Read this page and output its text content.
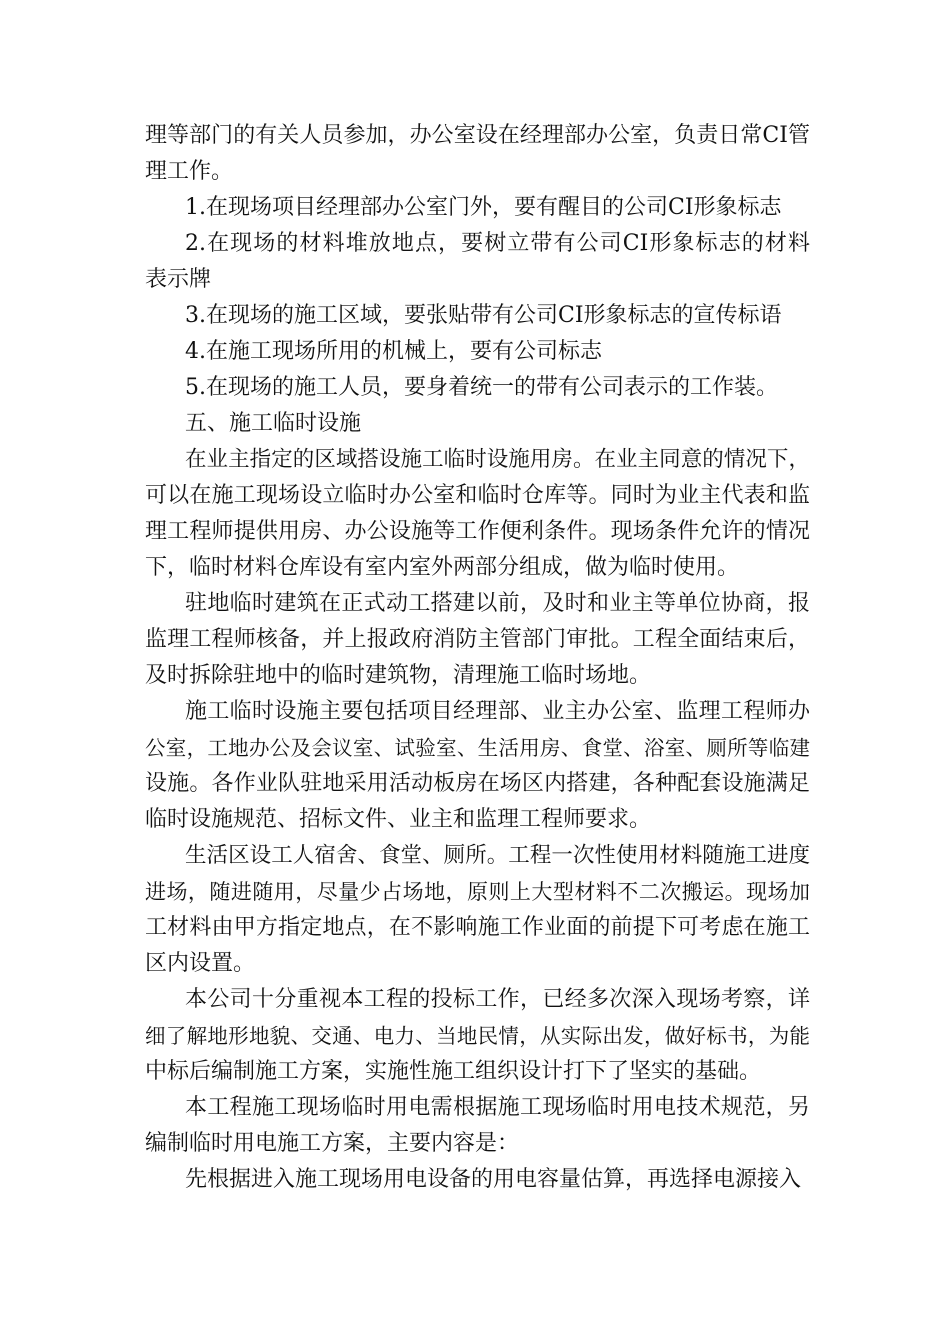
理等部门的有关人员参加，办公室设在经理部办公室，负责日常CI管
理工作。
1.在现场项目经理部办公室门外，要有醒目的公司CI形象标志
2.在现场的材料堆放地点，要树立带有公司CI形象标志的材料
表示牌
3.在现场的施工区域，要张贴带有公司CI形象标志的宣传标语
4.在施工现场所用的机械上，要有公司标志
5.在现场的施工人员，要身着统一的带有公司表示的工作装。
五、施工临时设施
在业主指定的区域搭设施工临时设施用房。在业主同意的情况下，
可以在施工现场设立临时办公室和临时仓库等。同时为业主代表和监
理工程师提供用房、办公设施等工作便利条件。现场条件允许的情况
下，临时材料仓库设有室内室外两部分组成，做为临时使用。
驻地临时建筑在正式动工搭建以前，及时和业主等单位协商，报
监理工程师核备，并上报政府消防主管部门审批。工程全面结束后，
及时拆除驻地中的临时建筑物，清理施工临时场地。
施工临时设施主要包括项目经理部、业主办公室、监理工程师办
公室，工地办公及会议室、试验室、生活用房、食堂、浴室、厕所等临建
设施。各作业队驻地采用活动板房在场区内搭建，各种配套设施满足
临时设施规范、招标文件、业主和监理工程师要求。
生活区设工人宿舍、食堂、厕所。工程一次性使用材料随施工进度
进场，随进随用，尽量少占场地，原则上大型材料不二次搬运。现场加
工材料由甲方指定地点，在不影响施工作业面的前提下可考虑在施工
区内设置。
本公司十分重视本工程的投标工作，已经多次深入现场考察，详
细了解地形地貌、交通、电力、当地民情，从实际出发，做好标书，为能
中标后编制施工方案，实施性施工组织设计打下了坚实的基础。
本工程施工现场临时用电需根据施工现场临时用电技术规范，另
编制临时用电施工方案，主要内容是：
先根据进入施工现场用电设备的用电容量估算，再选择电源接入
